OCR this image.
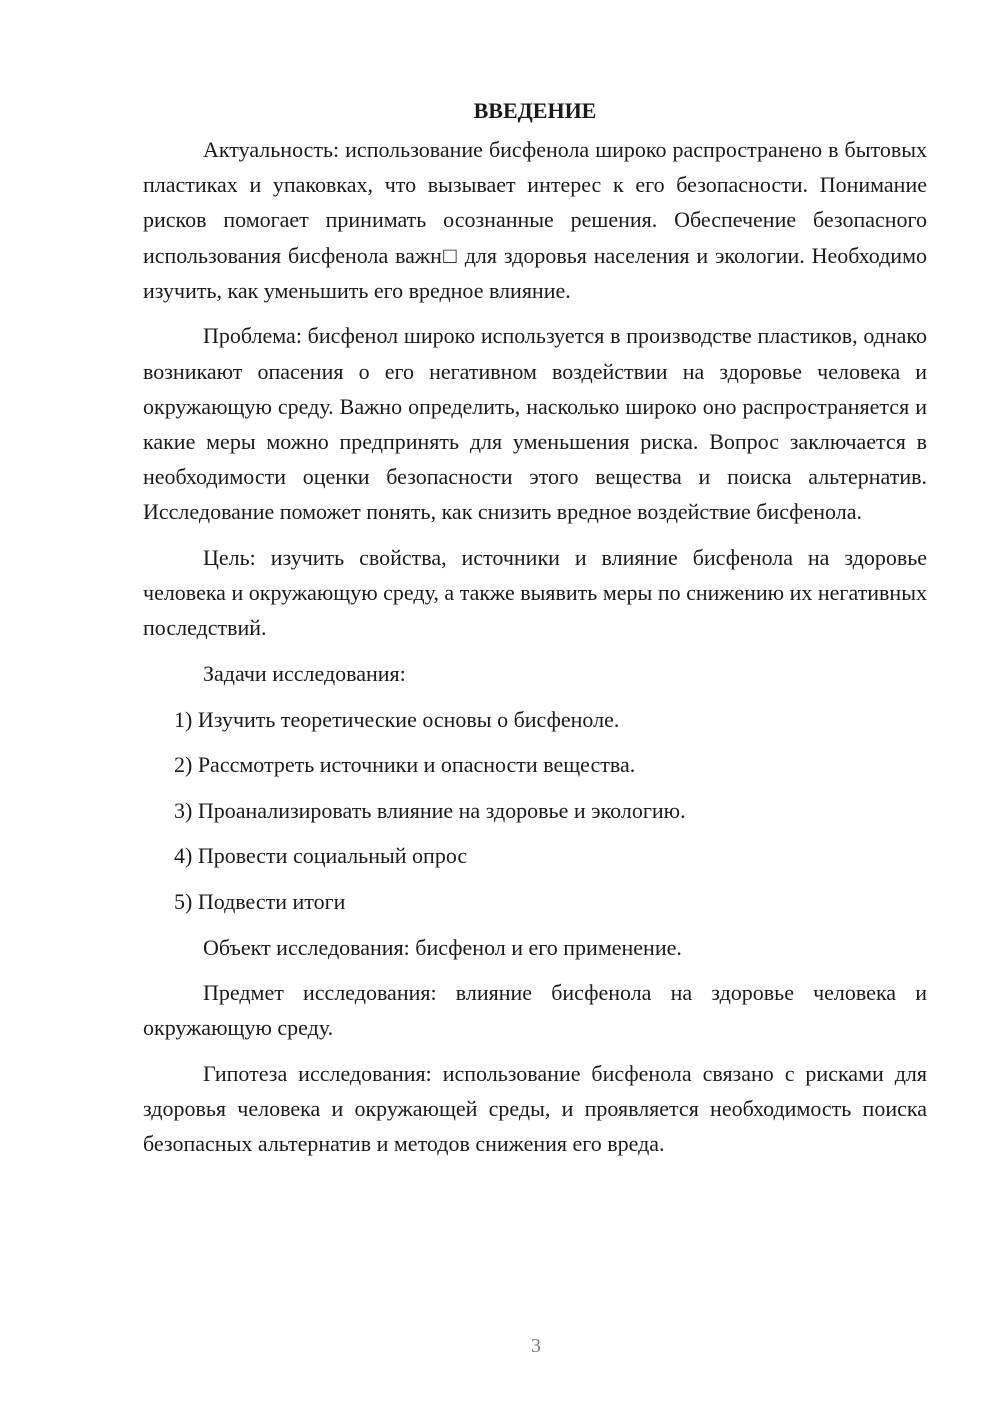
ВВЕДЕНИЕ

Актуальность: использование бисфенола широко распространено в бытовых пластиках и упаковках, что вызывает интерес к его безопасности. Понимание рисков помогает принимать осознанные решения. Обеспечение безопасного использования бисфенола важн□ для здоровья населения и экологии. Необходимо изучить, как уменьшить его вредное влияние.

Проблема: бисфенол широко используется в производстве пластиков, однако возникают опасения о его негативном воздействии на здоровье человека и окружающую среду. Важно определить, насколько широко оно распространяется и какие меры можно предпринять для уменьшения риска. Вопрос заключается в необходимости оценки безопасности этого вещества и поиска альтернатив. Исследование поможет понять, как снизить вредное воздействие бисфенола.

Цель: изучить свойства, источники и влияние бисфенола на здоровье человека и окружающую среду, а также выявить меры по снижению их негативных последствий.

Задачи исследования:

1) Изучить теоретические основы о бисфеноле.
2) Рассмотреть источники и опасности вещества.
3) Проанализировать влияние на здоровье и экологию.
4) Провести социальный опрос
5) Подвести итоги

Объект исследования: бисфенол и его применение.

Предмет исследования: влияние бисфенола на здоровье человека и окружающую среду.

Гипотеза исследования: использование бисфенола связано с рисками для здоровья человека и окружающей среды, и проявляется необходимость поиска безопасных альтернатив и методов снижения его вреда.

3
